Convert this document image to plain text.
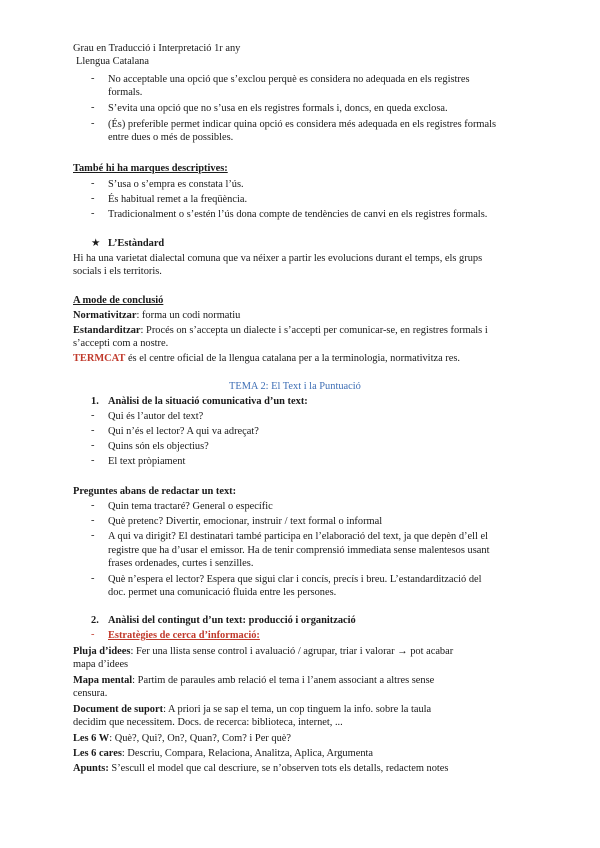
Grau en Traducció i Interpretació 1r any
Llengua Catalana
- No acceptable una opció que s’exclou perquè es considera no adequada en els registres
formals.
- S’evita una opció que no s’usa en els registres formals i, doncs, en queda exclosa.
- (És) preferible permet indicar quina opció es considera més adequada en els registres formals
entre dues o més de possibles.
També hi ha marques descriptives:
- S’usa o s’empra es constata l’ús.
- És habitual remet a la freqüència.
- Tradicionalment o s’estén l’ús dona compte de tendències de canvi en els registres formals.
★ L’Estàndard
Hi ha una varietat dialectal comuna que va néixer a partir les evolucions durant el temps, els grups
socials i els territoris.
A mode de conclusió
Normativitzar: forma un codi normatiu
Estandarditzar: Procés on s’accepta un dialecte i s’accepti per comunicar-se, en registres formals i
s’accepti com a nostre.
TERMCAT és el centre oficial de la llengua catalana per a la terminologia, normativitza res.
TEMA 2: El Text i la Puntuació
1. Anàlisi de la situació comunicativa d’un text:
- Qui és l’autor del text?
- Qui n’és el lector? A qui va adreçat?
- Quins són els objectius?
- El text pròpiament
Preguntes abans de redactar un text:
- Quin tema tractaré? General o específic
- Què pretenc? Divertir, emocionar, instruir / text formal o informal
- A qui va dirigit? El destinatari també participa en l’elaboració del text, ja que depèn d’ell el
registre que ha d’usar el emissor. Ha de tenir comprensió immediata sense malentesos usant
frases ordenades, curtes i senzilles.
- Què n’espera el lector? Espera que sigui clar i concís, precís i breu. L’estandardització del
doc. permet una comunicació fluida entre les persones.
2. Anàlisi del contingut d’un text: producció i organització
- Estratègies de cerca d’informació:
Pluja d’idees: Fer una llista sense control i avaluació / agrupar, triar i valorar → pot acabar
mapa d’idees
Mapa mental: Partim de paraules amb relació el tema i l’anem associant a altres sense
censura.
Document de suport: A priori ja se sap el tema, un cop tinguem la info. sobre la taula
decidim que necessitem. Docs. de recerca: biblioteca, internet, ...
Les 6 W: Què?, Qui?, On?, Quan?, Com? i Per què?
Les 6 cares: Descriu, Compara, Relaciona, Analitza, Aplica, Argumenta
Apunts: S’escull el model que cal descriure, se n’observen tots els detalls, redactem notes
